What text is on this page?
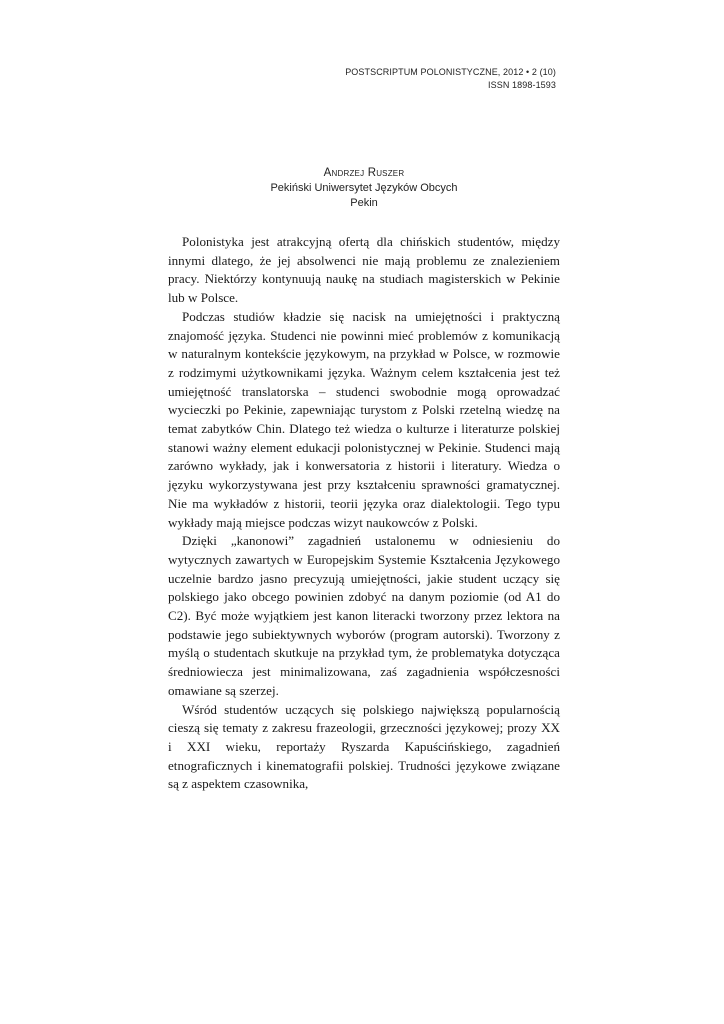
POSTSCRIPTUM POLONISTYCZNE, 2012 • 2 (10)
ISSN 1898-1593
Andrzej Ruszer
Pekiński Uniwersytet Języków Obcych
Pekin

Polonistyka jest atrakcyjną ofertą dla chińskich studentów, między innymi dlatego, że jej absolwenci nie mają problemu ze znalezieniem pracy. Niektórzy kontynuują naukę na studiach magisterskich w Pekinie lub w Polsce.

Podczas studiów kładzie się nacisk na umiejętności i praktyczną znajomość języka. Studenci nie powinni mieć problemów z komunikacją w naturalnym kontekście językowym, na przykład w Polsce, w rozmowie z rodzimymi użytkownikami języka. Ważnym celem kształcenia jest też umiejętność translatorska – studenci swobodnie mogą oprowadzać wycieczki po Pekinie, zapewniając turystom z Polski rzetelną wiedzę na temat zabytków Chin. Dlatego też wiedza o kulturze i literaturze polskiej stanowi ważny element edukacji polonistycznej w Pekinie. Studenci mają zarówno wykłady, jak i konwersatoria z historii i literatury. Wiedza o języku wykorzystywana jest przy kształceniu sprawności gramatycznej. Nie ma wykładów z historii, teorii języka oraz dialektologii. Tego typu wykłady mają miejsce podczas wizyt naukowców z Polski.

Dzięki „kanonowi” zagadnień ustalonemu w odniesieniu do wytycznych zawartych w Europejskim Systemie Kształcenia Językowego uczelnie bardzo jasno precyzują umiejętności, jakie student uczący się polskiego jako obcego powinien zdobyć na danym poziomie (od A1 do C2). Być może wyjątkiem jest kanon literacki tworzony przez lektora na podstawie jego subiektywnych wyborów (program autorski). Tworzony z myślą o studentach skutkuje na przykład tym, że problematyka dotycząca średniowiecza jest minimalizowana, zaś zagadnienia współczesności omawiane są szerzej.

Wśród studentów uczących się polskiego największą popularnością cieszą się tematy z zakresu frazeologii, grzeczności językowej; prozy XX i XXI wieku, reportaży Ryszarda Kapuścińskiego, zagadnień etnograficznych i kinematografii polskiej. Trudności językowe związane są z aspektem czasownika,
